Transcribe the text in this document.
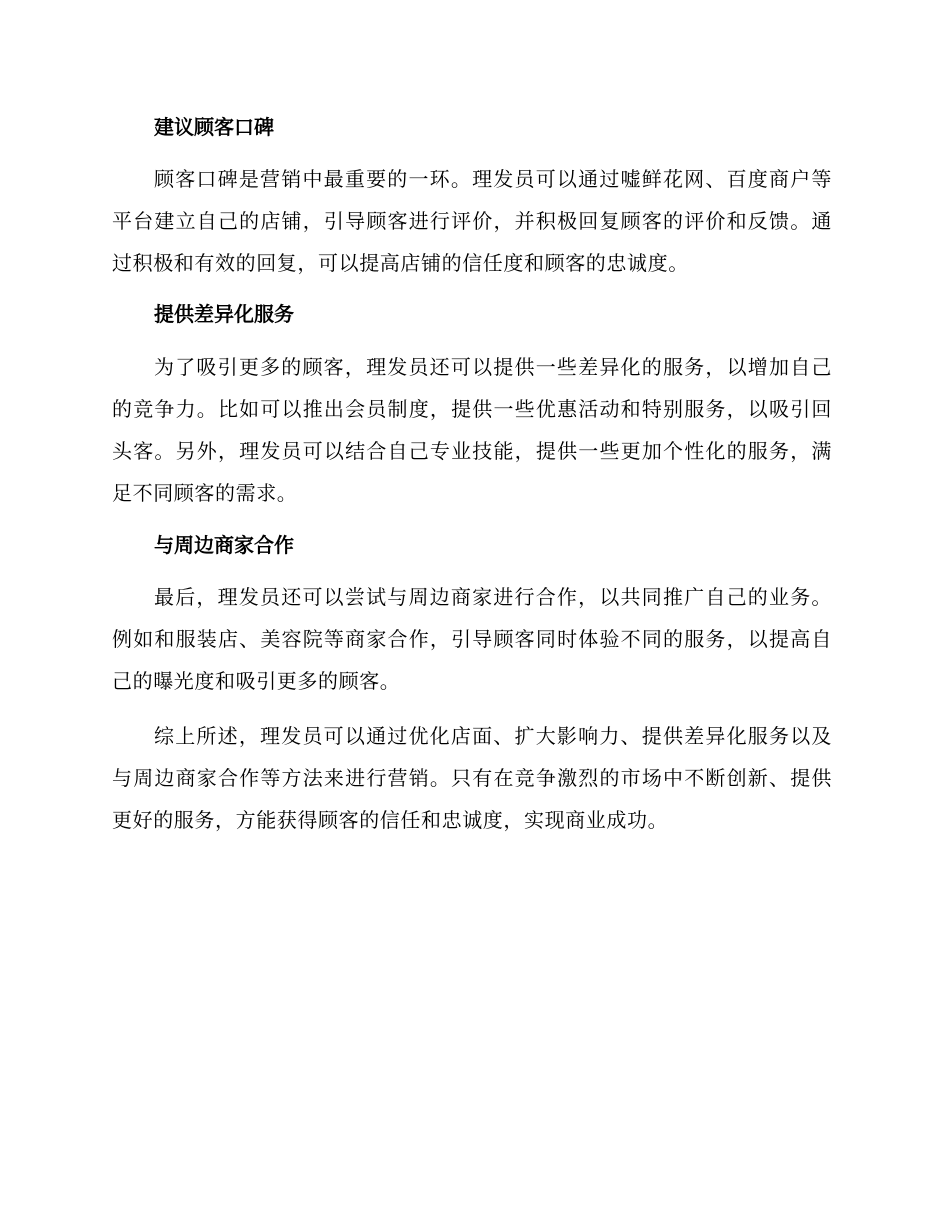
建议顾客口碑

顾客口碑是营销中最重要的一环。理发员可以通过嘘鲜花网、百度商户等平台建立自己的店铺，引导顾客进行评价，并积极回复顾客的评价和反馈。通过积极和有效的回复，可以提高店铺的信任度和顾客的忠诚度。

提供差异化服务

为了吸引更多的顾客，理发员还可以提供一些差异化的服务，以增加自己的竞争力。比如可以推出会员制度，提供一些优惠活动和特别服务，以吸引回头客。另外，理发员可以结合自己专业技能，提供一些更加个性化的服务，满足不同顾客的需求。

与周边商家合作

最后，理发员还可以尝试与周边商家进行合作，以共同推广自己的业务。例如和服装店、美容院等商家合作，引导顾客同时体验不同的服务，以提高自己的曝光度和吸引更多的顾客。

综上所述，理发员可以通过优化店面、扩大影响力、提供差异化服务以及与周边商家合作等方法来进行营销。只有在竞争激烈的市场中不断创新、提供更好的服务，方能获得顾客的信任和忠诚度，实现商业成功。
